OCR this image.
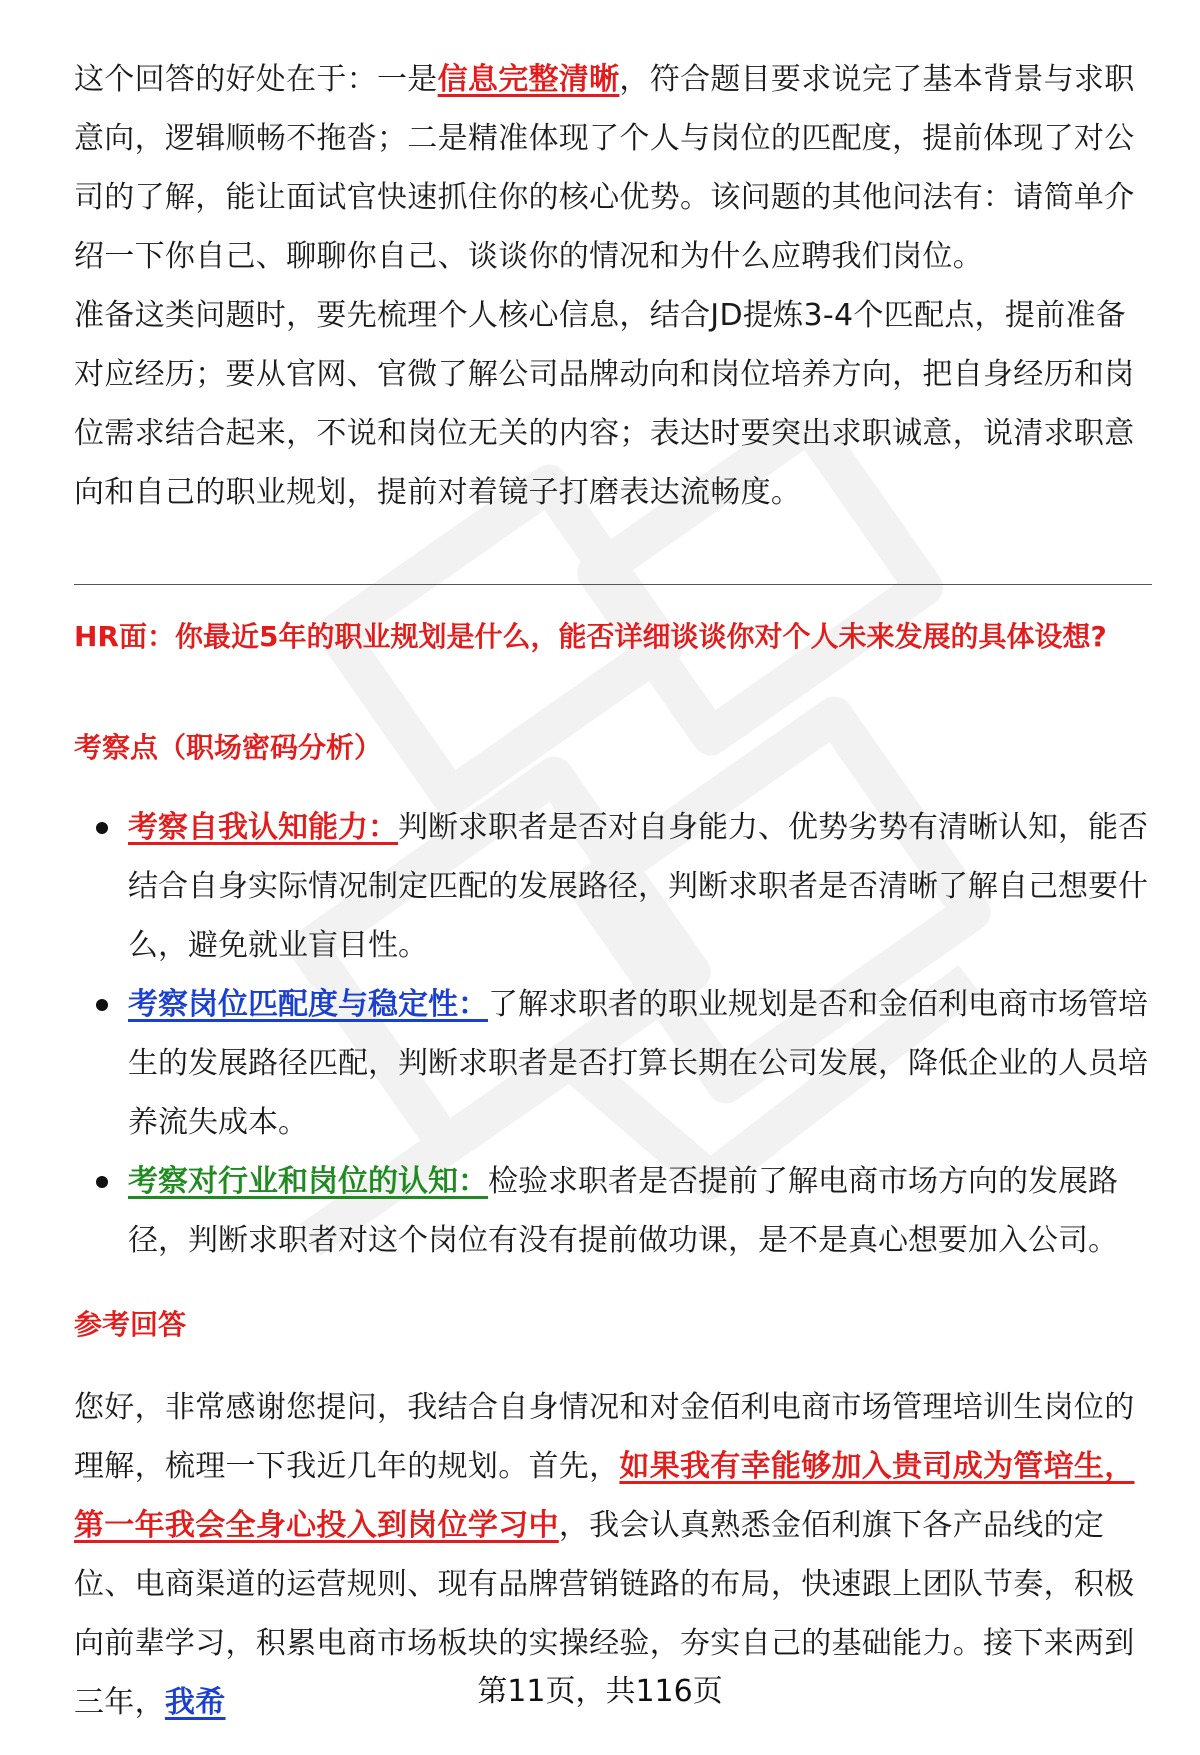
这个回答的好处在于：一是信息完整清晰，符合题目要求说完了基本背景与求职意向，逻辑顺畅不拖沓；二是精准体现了个人与岗位的匹配度，提前体现了对公司的了解，能让面试官快速抓住你的核心优势。该问题的其他问法有：请简单介绍一下你自己、聊聊你自己、谈谈你的情况和为什么应聘我们岗位。
准备这类问题时，要先梳理个人核心信息，结合JD提炼3-4个匹配点，提前准备对应经历；要从官网、官微了解公司品牌动向和岗位培养方向，把自身经历和岗位需求结合起来，不说和岗位无关的内容；表达时要突出求职诚意，说清求职意向和自己的职业规划，提前对着镜子打磨表达流畅度。
HR面：你最近5年的职业规划是什么，能否详细谈谈你对个人未来发展的具体设想?
考察点（职场密码分析）
考察自我认知能力：判断求职者是否对自身能力、优势劣势有清晰认知，能否结合自身实际情况制定匹配的发展路径，判断求职者是否清晰了解自己想要什么，避免就业盲目性。
考察岗位匹配度与稳定性：了解求职者的职业规划是否和金佰利电商市场管培生的发展路径匹配，判断求职者是否打算长期在公司发展，降低企业的人员培养流失成本。
考察对行业和岗位的认知：检验求职者是否提前了解电商市场方向的发展路径，判断求职者对这个岗位有没有提前做功课，是不是真心想要加入公司。
参考回答
您好，非常感谢您提问，我结合自身情况和对金佰利电商市场管理培训生岗位的理解，梳理一下我近几年的规划。首先，如果我有幸能够加入贵司成为管培生，第一年我会全身心投入到岗位学习中，我会认真熟悉金佰利旗下各产品线的定位、电商渠道的运营规则、现有品牌营销链路的布局，快速跟上团队节奏，积极向前辈学习，积累电商市场板块的实操经验，夯实自己的基础能力。接下来两到三年，我希	第11页，共116页
